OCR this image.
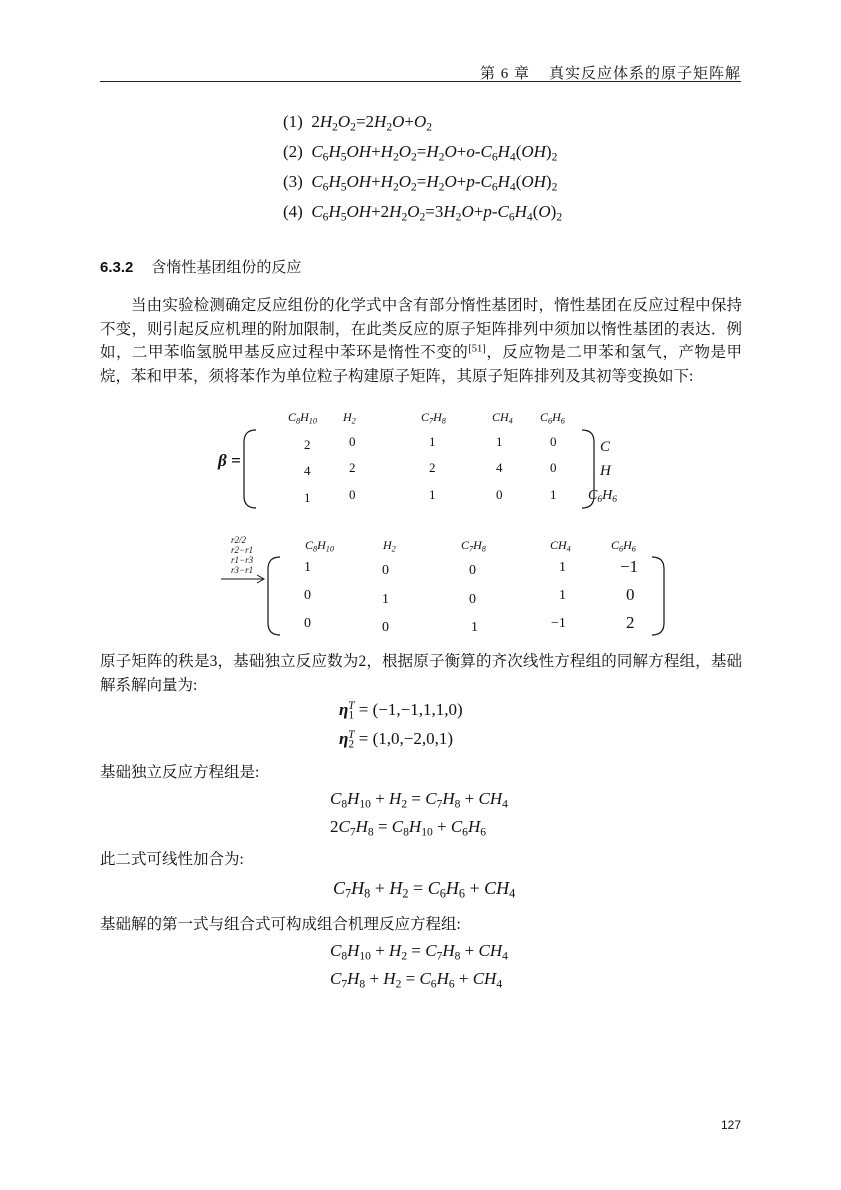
第 6 章 真实反应体系的原子矩阵解
(1)  $2H_2O_2=2H_2O+O_2$
(2) $C_6H_5OH+H_2O_2=H_2O+o-C_6H_4(OH)_2$
(3) $C_6H_5OH+H_2O_2=H_2O+p-C_6H_4(OH)_2$
(4) $C_6H_5OH+2H_2O_2=3H_2O+p-C_6H_4(O)_2$
6.3.2 含惰性基团组份的反应

当由实验检测确定反应组份的化学式中含有部分惰性基团时，惰性基团在反应过程中保持不变，则引起反应机理的附加限制，在此类反应的原子矩阵排列中须加以惰性基团的表达．例如，二甲苯临氢脱甲基反应过程中苯环是惰性不变的[51]，反应物是二甲苯和氢气，产物是甲烷，苯和甲苯，须将苯作为单位粒子构建原子矩阵，其原子矩阵排列及其初等变换如下:

β =
$C_8H_{10}$ $H_2$	$C_7H_8$	$CH_4$ $C_6H_6$
2	0	1	1	0	C
4	2	2	4	0	H
1	0	1	0	1 $C_6H_6$
r2/2
r2−r1
r1−r3
r3−r1
$C_8H_{10}$	$H_2$	$C_7H_8$	$CH_4$	$C_6H_6$
1	0	0	1	−1
0	1	0	1	0
0	0	1	−1	2

原子矩阵的秩是3，基础独立反应数为2，根据原子衡算的齐次线性方程组的同解方程组，基础解系解向量为:

$\eta_1^T = (-1,-1,1,1,0)$
$\eta_2^T = (1,0,-2,0,1)$

基础独立反应方程组是:

$C_8H_{10} + H_2 = C_7H_8 + CH_4$
$2C_7H_8 = C_8H_{10} + C_6H_6$

此二式可线性加合为:

$C_7H_8 + H_2 = C_6H_6 + CH_4$

基础解的第一式与组合式可构成组合机理反应方程组:

$C_8H_{10} + H_2 = C_7H_8 + CH_4$
$C_7H_8 + H_2 = C_6H_6 + CH_4$
127
